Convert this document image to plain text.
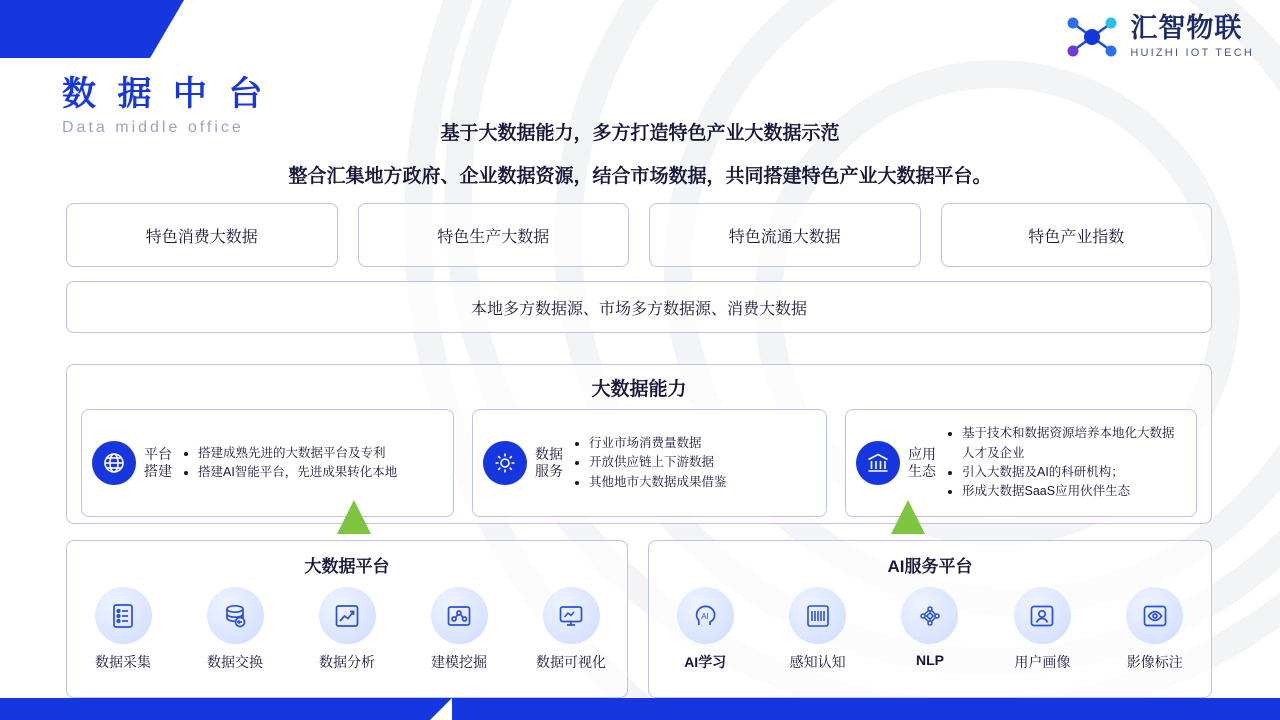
汇智物联
HUIZHI IOT TECH
数 据 中 台
Data middle office	基于大数据能力，多方打造特色产业大数据示范
整合汇集地方政府、企业数据资源，结合市场数据，共同搭建特色产业大数据平台。
特色消费大数据	特色生产大数据	特色流通大数据	特色产业指数
本地多方数据源、市场多方数据源、消费大数据
大数据能力
平台
搭建
• 搭建成熟先进的大数据平台及专利
• 搭建AI智能平台，先进成果转化本地
数据
服务
• 行业市场消费量数据
• 开放供应链上下游数据
• 其他地市大数据成果借鉴
应用
生态
• 基于技术和数据资源培养本地化大数据人才及企业
• 引入大数据及AI的科研机构；
• 形成大数据SaaS应用伙伴生态
大数据平台
数据采集	数据交换	数据分析	建模挖掘	数据可视化
AI服务平台
AI
AI学习	感知认知	NLP	用户画像	影像标注
